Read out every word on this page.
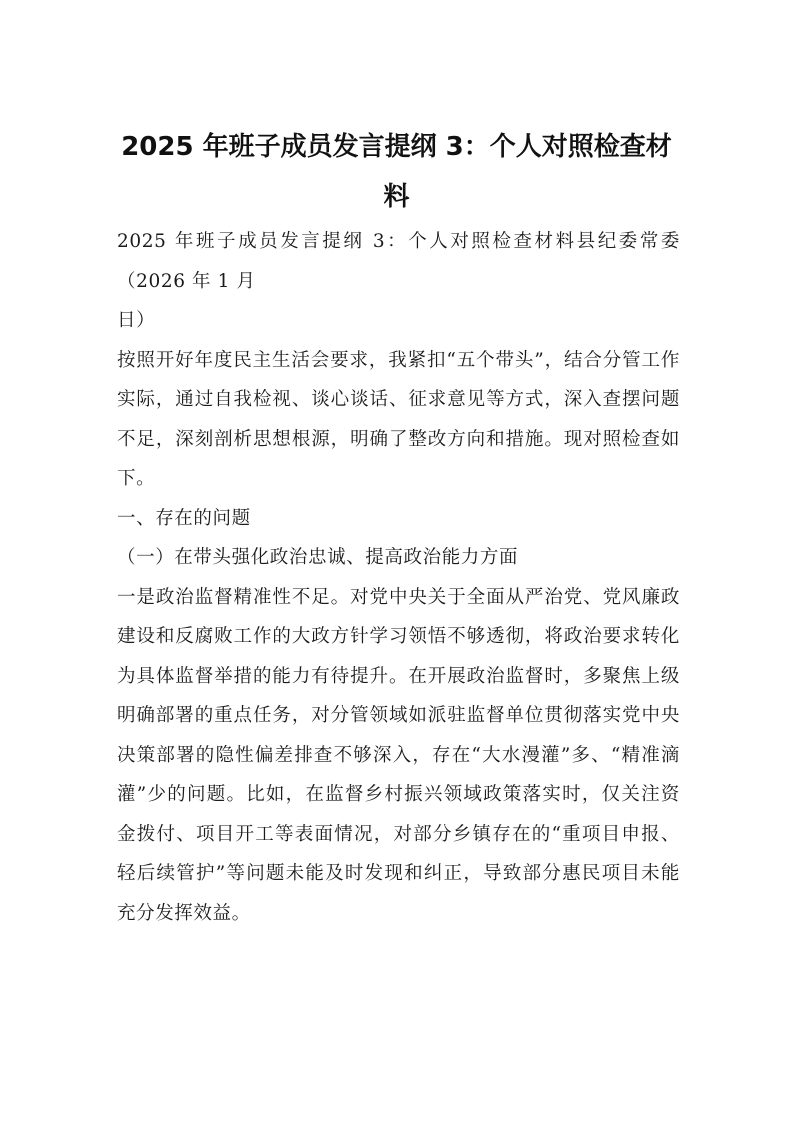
2025 年班子成员发言提纲 3：个人对照检查材料

2025 年班子成员发言提纲 3：个人对照检查材料县纪委常委（2026 年 1 月

日）

按照开好年度民主生活会要求，我紧扣“五个带头”，结合分管工作实际，通过自我检视、谈心谈话、征求意见等方式，深入查摆问题不足，深刻剖析思想根源，明确了整改方向和措施。现对照检查如下。

一、存在的问题

（一）在带头强化政治忠诚、提高政治能力方面

一是政治监督精准性不足。对党中央关于全面从严治党、党风廉政建设和反腐败工作的大政方针学习领悟不够透彻，将政治要求转化为具体监督举措的能力有待提升。在开展政治监督时，多聚焦上级明确部署的重点任务，对分管领域如派驻监督单位贯彻落实党中央决策部署的隐性偏差排查不够深入，存在“大水漫灌”多、“精准滴灌”少的问题。比如，在监督乡村振兴领域政策落实时，仅关注资金拨付、项目开工等表面情况，对部分乡镇存在的“重项目申报、轻后续管护”等问题未能及时发现和纠正，导致部分惠民项目未能充分发挥效益。
